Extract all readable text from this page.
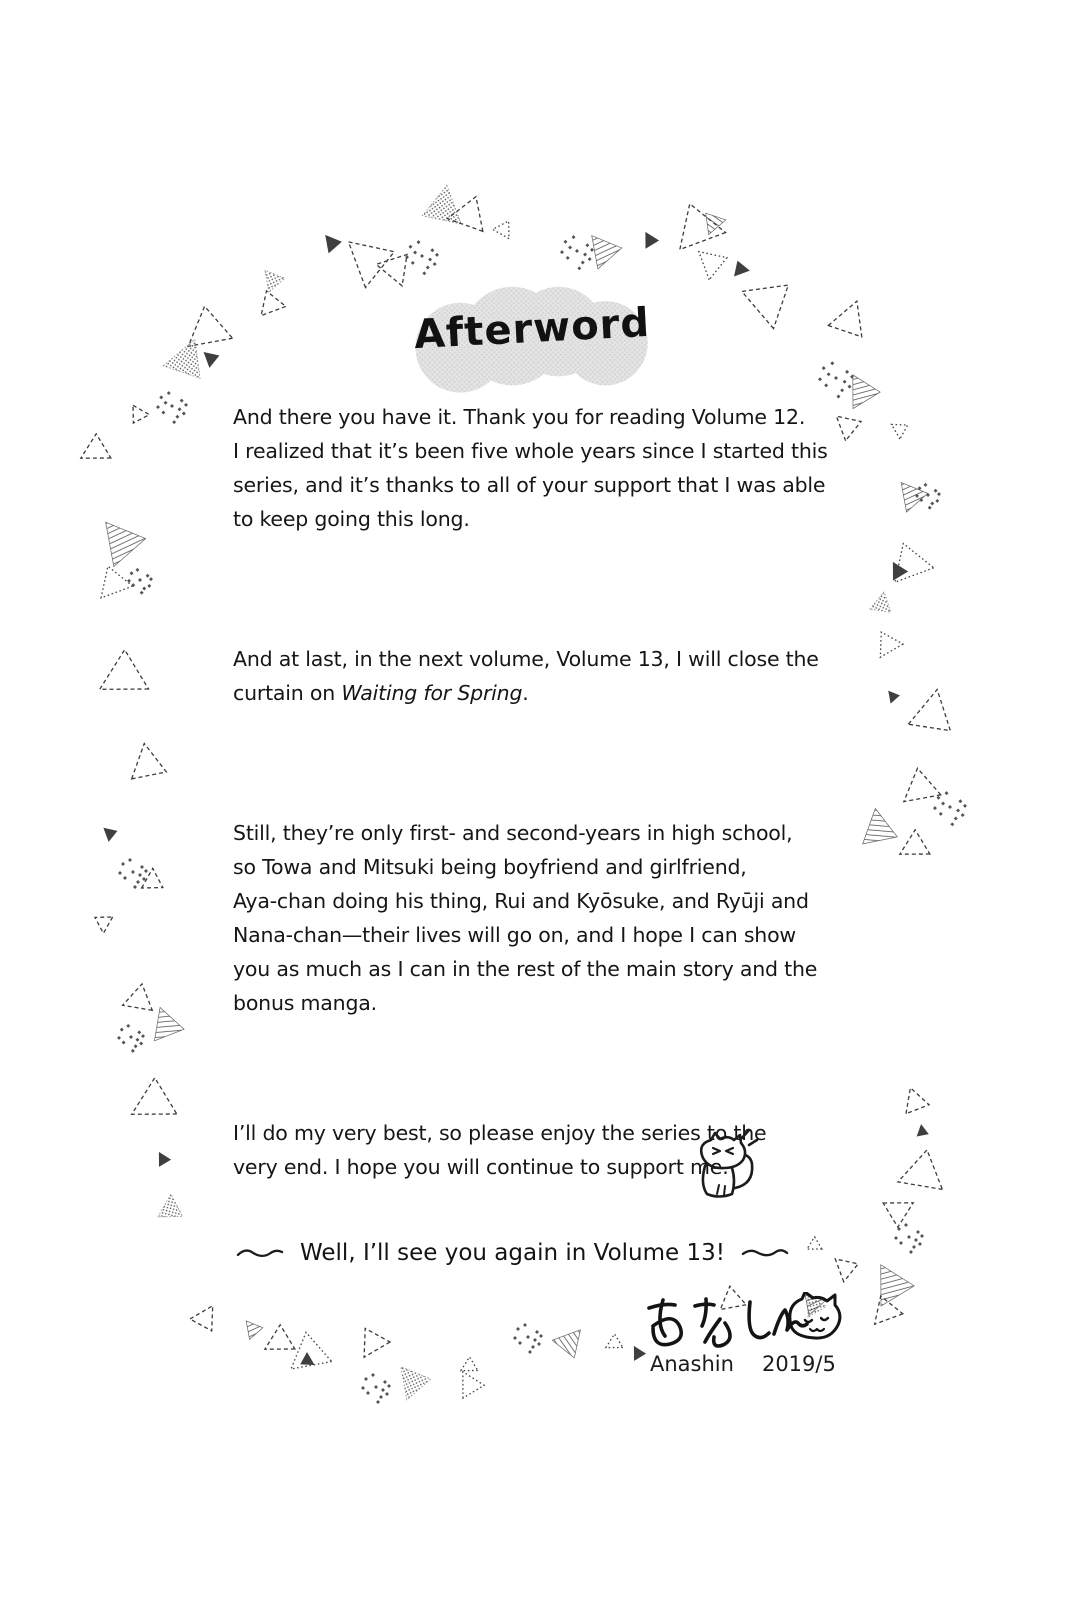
Afterword
And there you have it. Thank you for reading Volume 12.
I realized that it’s been five whole years since I started this
series, and it’s thanks to all of your support that I was able
to keep going this long.
And at last, in the next volume, Volume 13, I will close the
curtain on Waiting for Spring.
Still, they’re only first- and second-years in high school,
so Towa and Mitsuki being boyfriend and girlfriend,
Aya-chan doing his thing, Rui and Kyōsuke, and Ryūji and
Nana-chan—their lives will go on, and I hope I can show
you as much as I can in the rest of the main story and the
bonus manga.
I’ll do my very best, so please enjoy the series to the
very end. I hope you will continue to support me.
Well, I’ll see you again in Volume 13!
Anashin 2019/5
